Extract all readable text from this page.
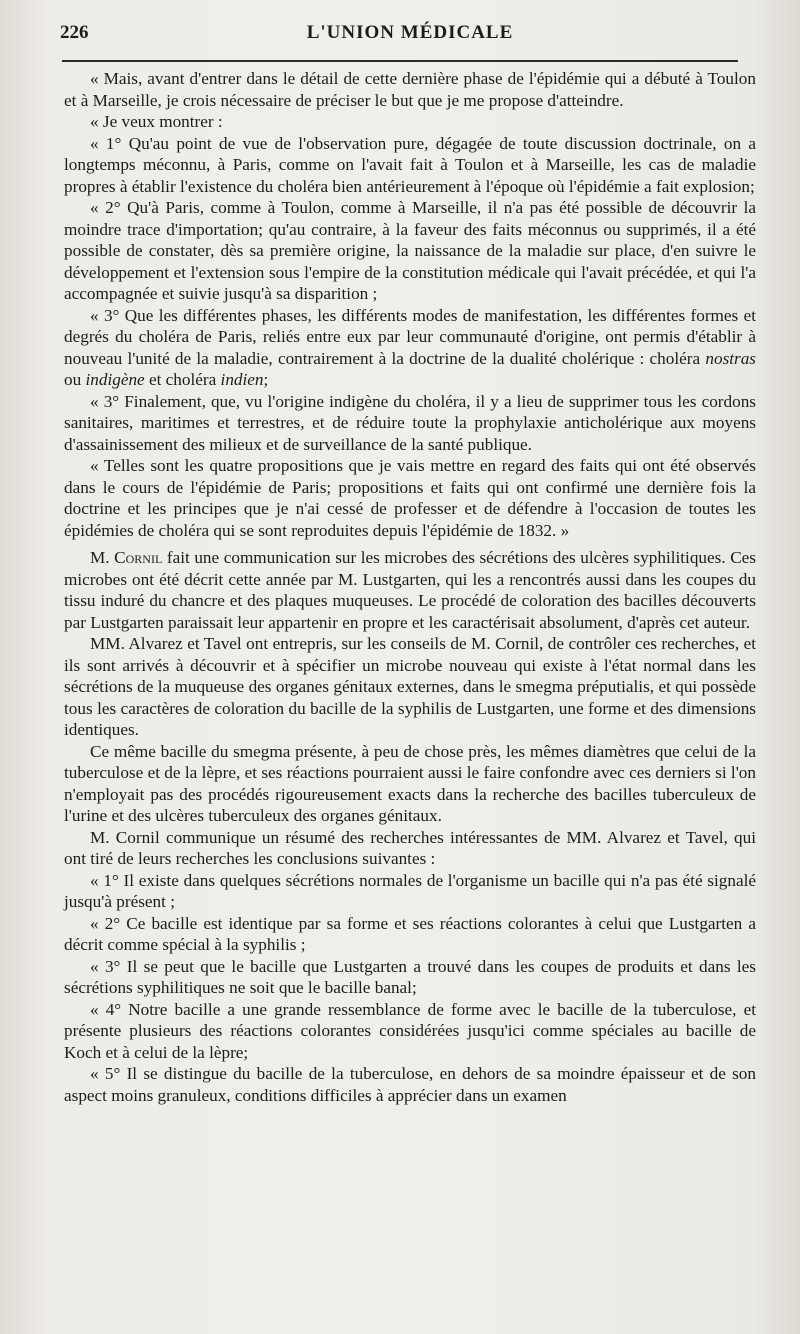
226	L'UNION MÉDICALE

« Mais, avant d'entrer dans le détail de cette dernière phase de l'épidémie qui a débuté à Toulon et à Marseille, je crois nécessaire de préciser le but que je me propose d'atteindre.

« Je veux montrer :

« 1° Qu'au point de vue de l'observation pure, dégagée de toute discussion doctrinale, on a longtemps méconnu, à Paris, comme on l'avait fait à Toulon et à Marseille, les cas de maladie propres à établir l'existence du choléra bien antérieurement à l'époque où l'épidémie a fait explosion;

« 2° Qu'à Paris, comme à Toulon, comme à Marseille, il n'a pas été possible de découvrir la moindre trace d'importation; qu'au contraire, à la faveur des faits méconnus ou supprimés, il a été possible de constater, dès sa première origine, la naissance de la maladie sur place, d'en suivre le développement et l'extension sous l'empire de la constitution médicale qui l'avait précédée, et qui l'a accompagnée et suivie jusqu'à sa disparition ;

« 3° Que les différentes phases, les différents modes de manifestation, les différentes formes et degrés du choléra de Paris, reliés entre eux par leur communauté d'origine, ont permis d'établir à nouveau l'unité de la maladie, contrairement à la doctrine de la dualité cholérique : choléra nostras ou indigène et choléra indien;

« 3° Finalement, que, vu l'origine indigène du choléra, il y a lieu de supprimer tous les cordons sanitaires, maritimes et terrestres, et de réduire toute la prophylaxie anticholérique aux moyens d'assainissement des milieux et de surveillance de la santé publique.

« Telles sont les quatre propositions que je vais mettre en regard des faits qui ont été observés dans le cours de l'épidémie de Paris; propositions et faits qui ont confirmé une dernière fois la doctrine et les principes que je n'ai cessé de professer et de défendre à l'occasion de toutes les épidémies de choléra qui se sont reproduites depuis l'épidémie de 1832. »

M. Cornil fait une communication sur les microbes des sécrétions des ulcères syphilitiques. Ces microbes ont été décrit cette année par M. Lustgarten, qui les a rencontrés aussi dans les coupes du tissu induré du chancre et des plaques muqueuses. Le procédé de coloration des bacilles découverts par Lustgarten paraissait leur appartenir en propre et les caractérisait absolument, d'après cet auteur.

MM. Alvarez et Tavel ont entrepris, sur les conseils de M. Cornil, de contrôler ces recherches, et ils sont arrivés à découvrir et à spécifier un microbe nouveau qui existe à l'état normal dans les sécrétions de la muqueuse des organes génitaux externes, dans le smegma préputialis, et qui possède tous les caractères de coloration du bacille de la syphilis de Lustgarten, une forme et des dimensions identiques.

Ce même bacille du smegma présente, à peu de chose près, les mêmes diamètres que celui de la tuberculose et de la lèpre, et ses réactions pourraient aussi le faire confondre avec ces derniers si l'on n'employait pas des procédés rigoureusement exacts dans la recherche des bacilles tuberculeux de l'urine et des ulcères tuberculeux des organes génitaux.

M. Cornil communique un résumé des recherches intéressantes de MM. Alvarez et Tavel, qui ont tiré de leurs recherches les conclusions suivantes :

« 1° Il existe dans quelques sécrétions normales de l'organisme un bacille qui n'a pas été signalé jusqu'à présent ;

« 2° Ce bacille est identique par sa forme et ses réactions colorantes à celui que Lustgarten a décrit comme spécial à la syphilis ;

« 3° Il se peut que le bacille que Lustgarten a trouvé dans les coupes de produits et dans les sécrétions syphilitiques ne soit que le bacille banal;

« 4° Notre bacille a une grande ressemblance de forme avec le bacille de la tuberculose, et présente plusieurs des réactions colorantes considérées jusqu'ici comme spéciales au bacille de Koch et à celui de la lèpre;

« 5° Il se distingue du bacille de la tuberculose, en dehors de sa moindre épaisseur et de son aspect moins granuleux, conditions difficiles à apprécier dans un examen
